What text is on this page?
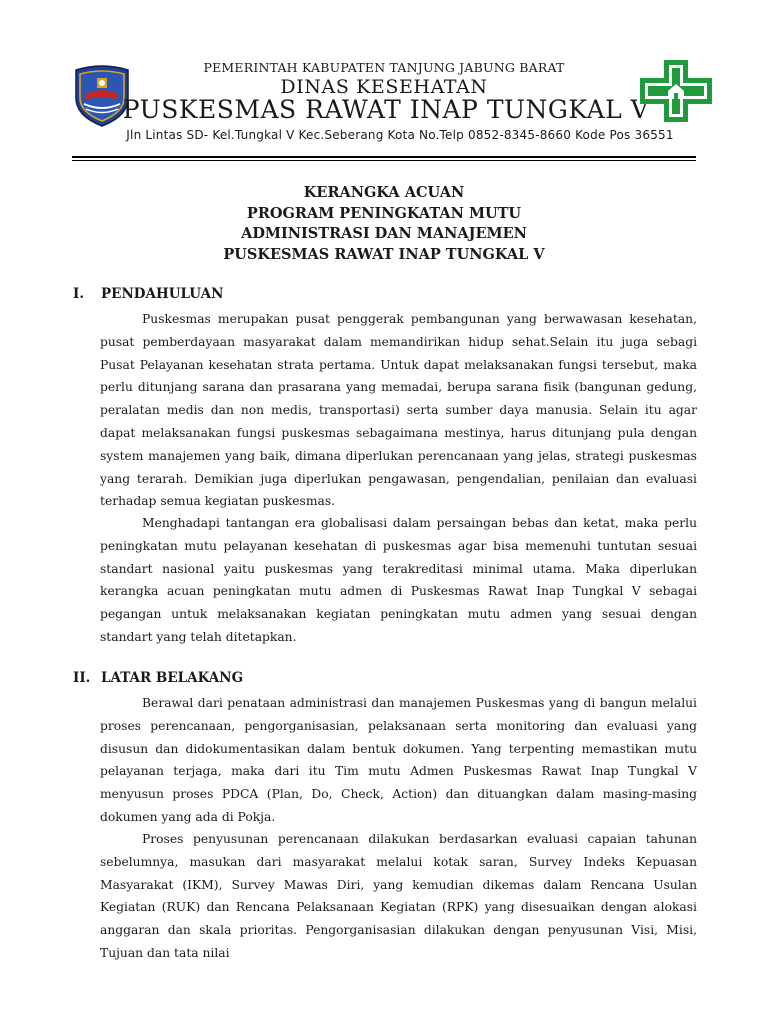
PEMERINTAH KABUPATEN TANJUNG JABUNG BARAT
DINAS KESEHATAN
PUSKESMAS RAWAT INAP TUNGKAL V
Jln Lintas SD- Kel.Tungkal V Kec.Seberang Kota No.Telp 0852-8345-8660 Kode Pos 36551
KERANGKA ACUAN
PROGRAM PENINGKATAN MUTU
ADMINISTRASI DAN MANAJEMEN
PUSKESMAS RAWAT INAP TUNGKAL V
I. PENDAHULUAN

Puskesmas merupakan pusat penggerak pembangunan yang berwawasan kesehatan, pusat pemberdayaan masyarakat dalam memandirikan hidup sehat.Selain itu juga sebagi Pusat Pelayanan kesehatan strata pertama. Untuk dapat melaksanakan fungsi tersebut, maka perlu ditunjang sarana dan prasarana yang memadai, berupa sarana fisik (bangunan gedung, peralatan medis dan non medis, transportasi) serta sumber daya manusia. Selain itu agar dapat melaksanakan fungsi puskesmas sebagaimana mestinya, harus ditunjang pula dengan system manajemen yang baik, dimana diperlukan perencanaan yang jelas, strategi puskesmas yang terarah. Demikian juga diperlukan pengawasan, pengendalian, penilaian dan evaluasi terhadap semua kegiatan puskesmas.

Menghadapi tantangan era globalisasi dalam persaingan bebas dan ketat, maka perlu peningkatan mutu pelayanan kesehatan di puskesmas agar bisa memenuhi tuntutan sesuai standart nasional yaitu puskesmas yang terakreditasi minimal utama. Maka diperlukan kerangka acuan peningkatan mutu admen di Puskesmas Rawat Inap Tungkal V sebagai pegangan untuk melaksanakan kegiatan peningkatan mutu admen yang sesuai dengan standart yang telah ditetapkan.

II. LATAR BELAKANG

Berawal dari penataan administrasi dan manajemen Puskesmas yang di bangun melalui proses perencanaan, pengorganisasian, pelaksanaan serta monitoring dan evaluasi yang disusun dan didokumentasikan dalam bentuk dokumen. Yang terpenting memastikan mutu pelayanan terjaga, maka dari itu Tim mutu Admen Puskesmas Rawat Inap Tungkal V menyusun proses PDCA (Plan, Do, Check, Action) dan dituangkan dalam masing-masing dokumen yang ada di Pokja.

Proses penyusunan perencanaan dilakukan berdasarkan evaluasi capaian tahunan sebelumnya, masukan dari masyarakat melalui kotak saran, Survey Indeks Kepuasan Masyarakat (IKM), Survey Mawas Diri, yang kemudian dikemas dalam Rencana Usulan Kegiatan (RUK) dan Rencana Pelaksanaan Kegiatan (RPK) yang disesuaikan dengan alokasi anggaran dan skala prioritas. Pengorganisasian dilakukan dengan penyusunan Visi, Misi, Tujuan dan tata nilai
